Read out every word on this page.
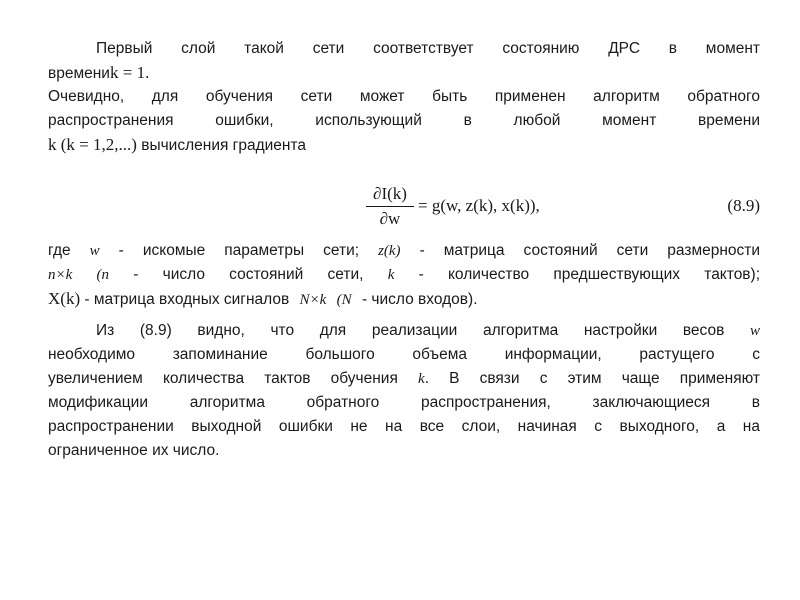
Первый слой такой сети соответствует состоянию ДРС в момент
времениk = 1.
Очевидно, для обучения сети может быть применен алгоритм обратного
распространения ошибки, использующий в любой момент времени
k (k = 1,2,...) вычисления градиента
∂I(k)
∂w
= g(w, z(k), x(k)),	(8.9)
где w - искомые параметры сети; z(k) - матрица состояний сети размерности
n×k (n - число состояний сети, k - количество предшествующих тактов);
X(k) - матрица входных сигналов N×k (N - число входов).
Из (8.9) видно, что для реализации алгоритма настройки весов w
необходимо запоминание большого объема информации, растущего с
увеличением количества тактов обучения k. В связи с этим чаще применяют
модификации алгоритма обратного распространения, заключающиеся в
распространении выходной ошибки не на все слои, начиная с выходного, а на
ограниченное их число.
